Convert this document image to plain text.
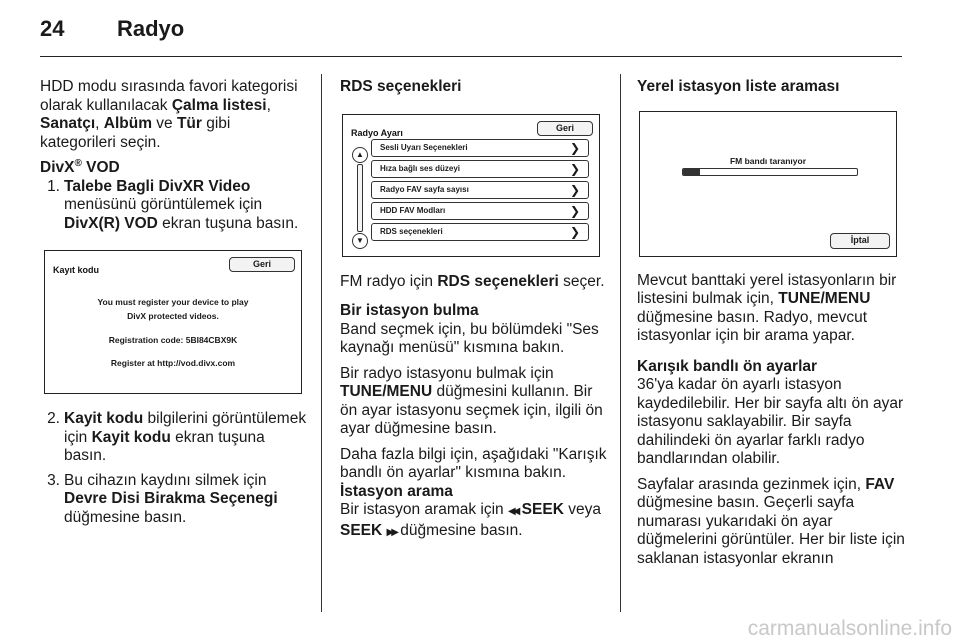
24 Radyo

HDD modu sırasında favori kategorisi olarak kullanılacak Çalma listesi, Sanatçı, Albüm ve Tür gibi kategorileri seçin.

DivX® VOD
1. Talebe Bagli DivXR Video menüsünü görüntülemek için DivX(R) VOD ekran tuşuna basın.
Kayıt kodu
Geri
You must register your device to play
DivX protected videos.
Registration code: 5BI84CBX9K
Register at http://vod.divx.com
2. Kayit kodu bilgilerini görüntülemek için Kayit kodu ekran tuşuna basın.
3. Bu cihazın kaydını silmek için Devre Disi Birakma Seçenegi düğmesine basın.
RDS seçenekleri
Radyo Ayarı	Geri
▲
▼
Sesli Uyarı Seçenekleri	❯
Hıza bağlı ses düzeyi	❯
Radyo FAV sayfa sayısı	❯
HDD FAV Modları	❯
RDS seçenekleri	❯

FM radyo için RDS seçenekleri seçer.

Bir istasyon bulma

Band seçmek için, bu bölümdeki "Ses kaynağı menüsü" kısmına bakın.

Bir radyo istasyonu bulmak için TUNE/MENU düğmesini kullanın. Bir ön ayar istasyonu seçmek için, ilgili ön ayar düğmesine basın.

Daha fazla bilgi için, aşağıdaki "Karışık bandlı ön ayarlar" kısmına bakın.

İstasyon arama

Bir istasyon aramak için ◀◀ SEEK veya SEEK ▶▶ düğmesine basın.

Yerel istasyon liste araması
FM bandı taranıyor
İptal

Mevcut banttaki yerel istasyonların bir listesini bulmak için, TUNE/MENU düğmesine basın. Radyo, mevcut istasyonlar için bir arama yapar.

Karışık bandlı ön ayarlar

36'ya kadar ön ayarlı istasyon kaydedilebilir. Her bir sayfa altı ön ayar istasyonu saklayabilir. Bir sayfa dahilindeki ön ayarlar farklı radyo bandlarından olabilir.

Sayfalar arasında gezinmek için, FAV düğmesine basın. Geçerli sayfa numarası yukarıdaki ön ayar düğmelerini görüntüler. Her bir liste için saklanan istasyonlar ekranın

carmanualsonline.info
